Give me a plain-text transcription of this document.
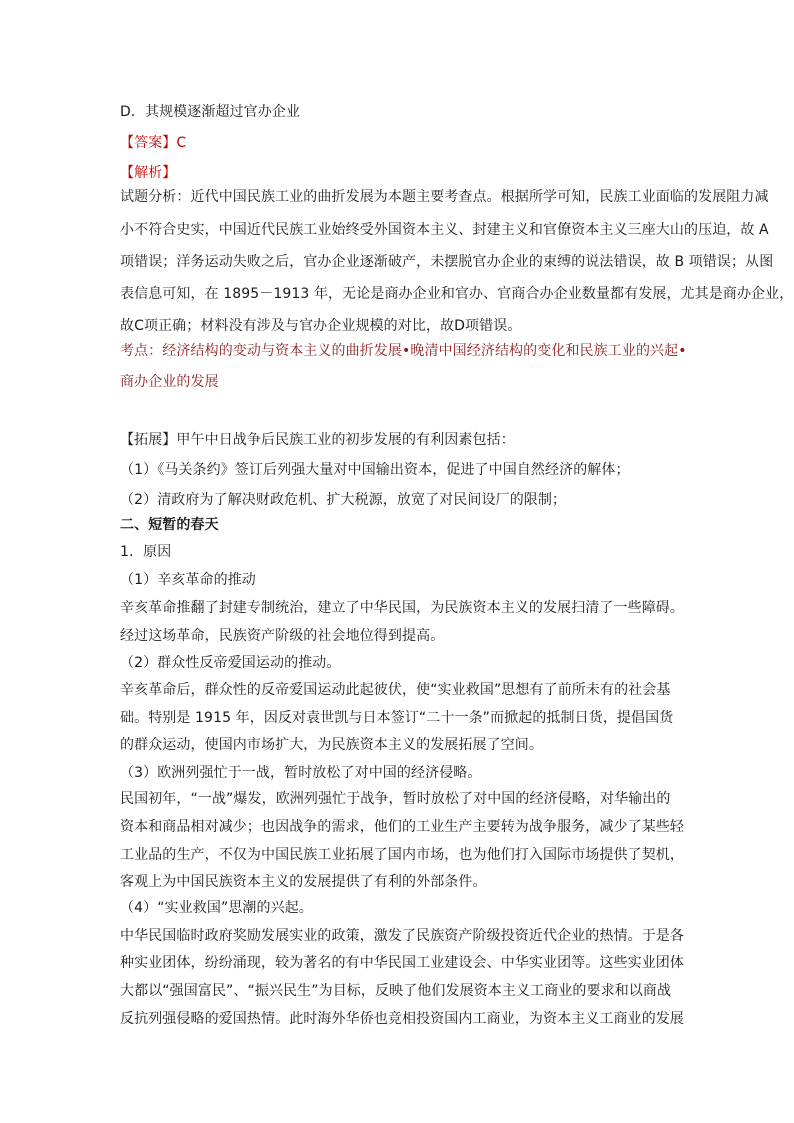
D．其规模逐渐超过官办企业
【答案】C
【解析】
试题分析：近代中国民族工业的曲折发展为本题主要考查点。根据所学可知，民族工业面临的发展阻力减
小不符合史实，中国近代民族工业始终受外国资本主义、封建主义和官僚资本主义三座大山的压迫，故 A
项错误；洋务运动失败之后，官办企业逐渐破产，未摆脱官办企业的束缚的说法错误，故 B 项错误；从图
表信息可知，在 1895－1913 年，无论是商办企业和官办、官商合办企业数量都有发展，尤其是商办企业，
故C项正确；材料没有涉及与官办企业规模的对比，故D项错误。
考点：经济结构的变动与资本主义的曲折发展•晚清中国经济结构的变化和民族工业的兴起•
商办企业的发展
【拓展】甲午中日战争后民族工业的初步发展的有利因素包括：
（1）《马关条约》签订后列强大量对中国输出资本，促进了中国自然经济的解体；
（2）清政府为了解决财政危机、扩大税源，放宽了对民间设厂的限制；
二、短暂的春天
1．原因
（1）辛亥革命的推动
辛亥革命推翻了封建专制统治，建立了中华民国，为民族资本主义的发展扫清了一些障碍。
经过这场革命，民族资产阶级的社会地位得到提高。
（2）群众性反帝爱国运动的推动。
辛亥革命后，群众性的反帝爱国运动此起彼伏，使“实业救国”思想有了前所未有的社会基
础。特别是 1915 年，因反对袁世凯与日本签订“二十一条”而掀起的抵制日货，提倡国货
的群众运动，使国内市场扩大，为民族资本主义的发展拓展了空间。
（3）欧洲列强忙于一战，暂时放松了对中国的经济侵略。
民国初年，“一战”爆发，欧洲列强忙于战争，暂时放松了对中国的经济侵略，对华输出的
资本和商品相对减少；也因战争的需求，他们的工业生产主要转为战争服务，减少了某些轻
工业品的生产，不仅为中国民族工业拓展了国内市场，也为他们打入国际市场提供了契机，
客观上为中国民族资本主义的发展提供了有利的外部条件。
（4）“实业救国”思潮的兴起。
中华民国临时政府奖励发展实业的政策，激发了民族资产阶级投资近代企业的热情。于是各
种实业团体，纷纷涌现，较为著名的有中华民国工业建设会、中华实业团等。这些实业团体
大都以“强国富民”、“振兴民生”为目标，反映了他们发展资本主义工商业的要求和以商战
反抗列强侵略的爱国热情。此时海外华侨也竞相投资国内工商业，为资本主义工商业的发展
